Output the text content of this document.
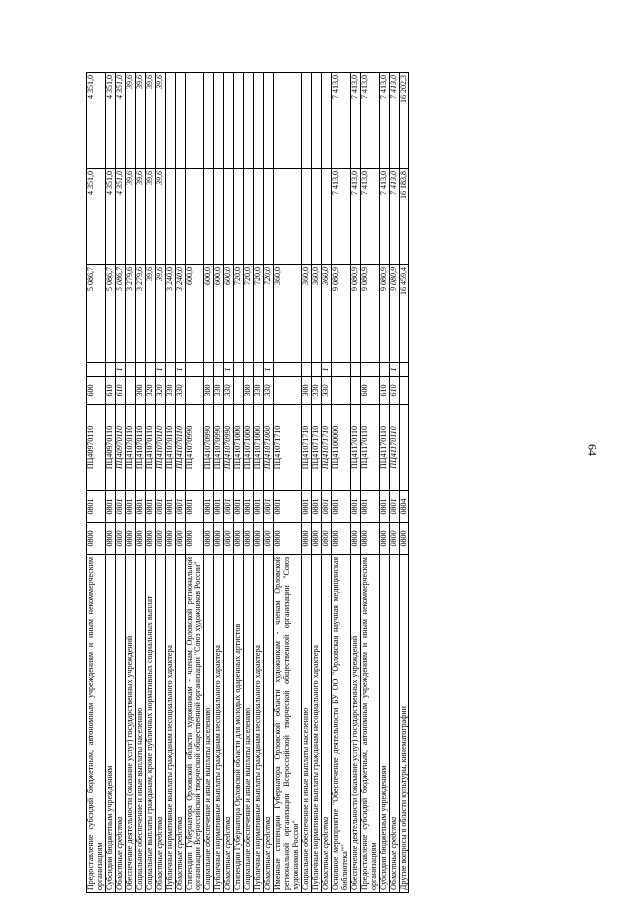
64
Предоставление субсидий бюджетным, автономным учреждениям и иным некоммерческим организациям	0800	0801	ПЦ40970110	600		5 086,7	4 351,0	4 351,0
Субсидии бюджетным учреждениям	0800	0801	ПЦ40970110	610		5 086,7	4 351,0	4 351,0
Областные средства	0800	0801	ПЦ40970110	610	1	5 086,7	4 351,0	4 351,0
Обеспечение деятельности (оказание услуг) государственных учреждений	0800	0801	ПЦ41070110			3 279,6	39,6	39,6
Социальное обеспечение и иные выплаты населению	0800	0801	ПЦ41070110	300		3 279,6	39,6	39,6
Социальные выплаты гражданам, кроме публичных нормативных социальных выплат	0800	0801	ПЦ41070110	320		39,6	39,6	39,6
Областные средства	0800	0801	ПЦ41070110	320	1	39,6	39,6	39,6
Публичные нормативные выплаты гражданам несоциального характера	0800	0801	ПЦ41070110	330		3 240,0		
Областные средства	0800	0801	ПЦ41070110	330	1	3 240,0		
Стипендии Губернатора Орловской области художникам - членам Орловской региональной организации Всероссийской творческой общественной организации "Союз художников России"	0800	0801	ПЦ41070990			600,0		
Социальное обеспечение и иные выплаты населению	0800	0801	ПЦ41070990	300		600,0		
Публичные нормативные выплаты гражданам несоциального характера	0800	0801	ПЦ41070990	330		600,0		
Областные средства	0800	0801	ПЦ41070990	330	1	600,0		
Стипендии Губернатора Орловской области для молодых одаренных артистов	0800	0801	ПЦ41071000			720,0		
Социальное обеспечение и иные выплаты населению	0800	0801	ПЦ41071000	300		720,0		
Публичные нормативные выплаты гражданам несоциального характера	0800	0801	ПЦ41071000	330		720,0		
Областные средства	0800	0801	ПЦ41071000	330	1	720,0		
Именные стипендии Губернатора Орловской области художникам - членам Орловской региональной организации Всероссийской творческой общественной организации "Союз художников России"	0800	0801	ПЦ41071710			360,0		
Социальное обеспечение и иные выплаты населению	0800	0801	ПЦ41071710	300		360,0		
Публичные нормативные выплаты гражданам несоциального характера	0800	0801	ПЦ41071710	330		360,0		
Областные средства	0800	0801	ПЦ41071710	330	1	360,0		
Основное мероприятие "Обеспечение деятельности БУ ОО "Орловская научная медицинская библиотека""	0800	0801	ПЦ41100000			9 080,9	7 413,0	7 413,0
Обеспечение деятельности (оказание услуг) государственных учреждений	0800	0801	ПЦ41170110			9 080,9	7 413,0	7 413,0
Предоставление субсидий бюджетным, автономным учреждениям и иным некоммерческим организациям	0800	0801	ПЦ41170110	600		9 080,9	7 413,0	7 413,0
Субсидии бюджетным учреждениям	0800	0801	ПЦ41170110	610		9 080,9	7 413,0	7 413,0
Областные средства	0800	0801	ПЦ41170110	610	1	9 080,9	7 413,0	7 413,0
Другие вопросы в области культуры, кинематографии	0800	0804				16 459,4	16 183,8	16 202,3
